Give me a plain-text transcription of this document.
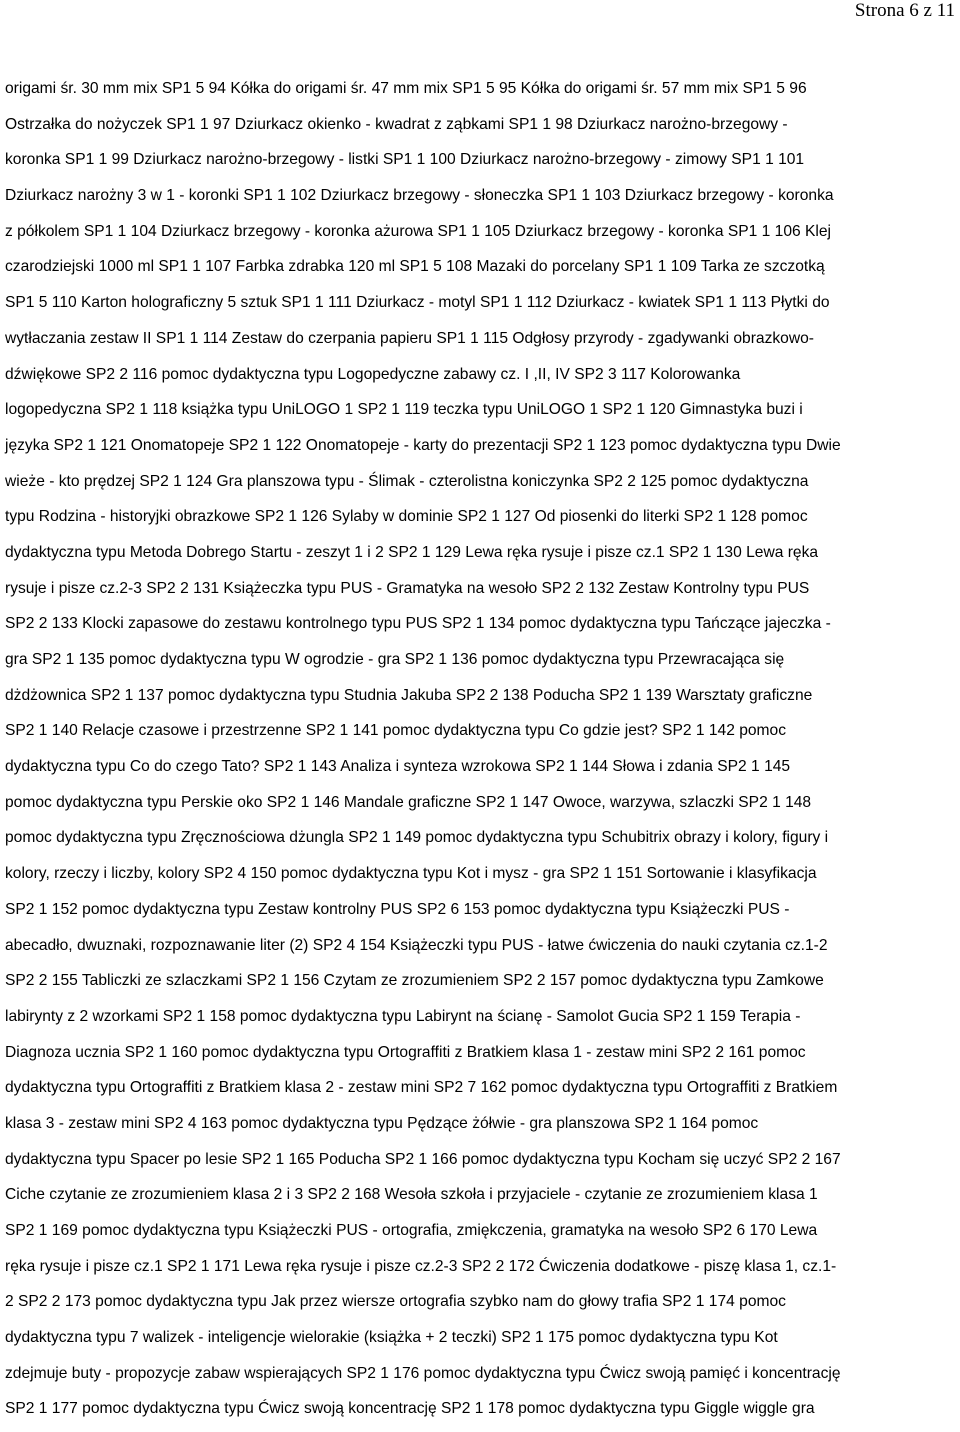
Strona 6 z 11
origami śr. 30 mm mix SP1 5 94 Kółka do origami śr. 47 mm mix SP1 5 95 Kółka do origami śr. 57 mm mix SP1 5 96
Ostrzałka do nożyczek SP1 1 97 Dziurkacz okienko - kwadrat z ząbkami SP1 1 98 Dziurkacz narożno-brzegowy -
koronka SP1 1 99 Dziurkacz narożno-brzegowy - listki SP1 1 100 Dziurkacz narożno-brzegowy - zimowy SP1 1 101
Dziurkacz narożny 3 w 1 - koronki SP1 1 102 Dziurkacz brzegowy - słoneczka SP1 1 103 Dziurkacz brzegowy - koronka
z półkolem SP1 1 104 Dziurkacz brzegowy - koronka ażurowa SP1 1 105 Dziurkacz brzegowy - koronka SP1 1 106 Klej
czarodziejski 1000 ml SP1 1 107 Farbka zdrabka 120 ml SP1 5 108 Mazaki do porcelany SP1 1 109 Tarka ze szczotką
SP1 5 110 Karton holograficzny 5 sztuk SP1 1 111 Dziurkacz - motyl SP1 1 112 Dziurkacz - kwiatek SP1 1 113 Płytki do
wytłaczania zestaw II SP1 1 114 Zestaw do czerpania papieru SP1 1 115 Odgłosy przyrody - zgadywanki obrazkowo-
dźwiękowe SP2 2 116 pomoc dydaktyczna typu Logopedyczne zabawy cz. I ,II, IV SP2 3 117 Kolorowanka
logopedyczna SP2 1 118 książka typu UniLOGO 1 SP2 1 119 teczka typu UniLOGO 1 SP2 1 120 Gimnastyka buzi i
języka SP2 1 121 Onomatopeje SP2 1 122 Onomatopeje - karty do prezentacji SP2 1 123 pomoc dydaktyczna typu Dwie
wieże - kto prędzej SP2 1 124 Gra planszowa typu - Ślimak - czterolistna koniczynka SP2 2 125 pomoc dydaktyczna
typu Rodzina - historyjki obrazkowe SP2 1 126 Sylaby w dominie SP2 1 127 Od piosenki do literki SP2 1 128 pomoc
dydaktyczna typu Metoda Dobrego Startu - zeszyt 1 i 2 SP2 1 129 Lewa ręka rysuje i pisze cz.1 SP2 1 130 Lewa ręka
rysuje i pisze cz.2-3 SP2 2 131 Książeczka typu PUS - Gramatyka na wesoło SP2 2 132 Zestaw Kontrolny typu PUS
SP2 2 133 Klocki zapasowe do zestawu kontrolnego typu PUS SP2 1 134 pomoc dydaktyczna typu Tańczące jajeczka -
gra SP2 1 135 pomoc dydaktyczna typu W ogrodzie - gra SP2 1 136 pomoc dydaktyczna typu Przewracająca się
dżdżownica SP2 1 137 pomoc dydaktyczna typu Studnia Jakuba SP2 2 138 Poducha SP2 1 139 Warsztaty graficzne
SP2 1 140 Relacje czasowe i przestrzenne SP2 1 141 pomoc dydaktyczna typu Co gdzie jest? SP2 1 142 pomoc
dydaktyczna typu Co do czego Tato? SP2 1 143 Analiza i synteza wzrokowa SP2 1 144 Słowa i zdania SP2 1 145
pomoc dydaktyczna typu Perskie oko SP2 1 146 Mandale graficzne SP2 1 147 Owoce, warzywa, szlaczki SP2 1 148
pomoc dydaktyczna typu Zręcznościowa dżungla SP2 1 149 pomoc dydaktyczna typu Schubitrix obrazy i kolory, figury i
kolory, rzeczy i liczby, kolory SP2 4 150 pomoc dydaktyczna typu Kot i mysz - gra SP2 1 151 Sortowanie i klasyfikacja
SP2 1 152 pomoc dydaktyczna typu Zestaw kontrolny PUS SP2 6 153 pomoc dydaktyczna typu Książeczki PUS -
abecadło, dwuznaki, rozpoznawanie liter (2) SP2 4 154 Książeczki typu PUS - łatwe ćwiczenia do nauki czytania cz.1-2
SP2 2 155 Tabliczki ze szlaczkami SP2 1 156 Czytam ze zrozumieniem SP2 2 157 pomoc dydaktyczna typu Zamkowe
labirynty z 2 wzorkami SP2 1 158 pomoc dydaktyczna typu Labirynt na ścianę - Samolot Gucia SP2 1 159 Terapia -
Diagnoza ucznia SP2 1 160 pomoc dydaktyczna typu Ortograffiti z Bratkiem klasa 1 - zestaw mini SP2 2 161 pomoc
dydaktyczna typu Ortograffiti z Bratkiem klasa 2 - zestaw mini SP2 7 162 pomoc dydaktyczna typu Ortograffiti z Bratkiem
klasa 3 - zestaw mini SP2 4 163 pomoc dydaktyczna typu Pędzące żółwie - gra planszowa SP2 1 164 pomoc
dydaktyczna typu Spacer po lesie SP2 1 165 Poducha SP2 1 166 pomoc dydaktyczna typu Kocham się uczyć SP2 2 167
Ciche czytanie ze zrozumieniem klasa 2 i 3 SP2 2 168 Wesoła szkoła i przyjaciele - czytanie ze zrozumieniem klasa 1
SP2 1 169 pomoc dydaktyczna typu Książeczki PUS - ortografia, zmiękczenia, gramatyka na wesoło SP2 6 170 Lewa
ręka rysuje i pisze cz.1 SP2 1 171 Lewa ręka rysuje i pisze cz.2-3 SP2 2 172 Ćwiczenia dodatkowe - piszę klasa 1, cz.1-
2 SP2 2 173 pomoc dydaktyczna typu Jak przez wiersze ortografia szybko nam do głowy trafia SP2 1 174 pomoc
dydaktyczna typu 7 walizek - inteligencje wielorakie (książka + 2 teczki) SP2 1 175 pomoc dydaktyczna typu Kot
zdejmuje buty - propozycje zabaw wspierających SP2 1 176 pomoc dydaktyczna typu Ćwicz swoją pamięć i koncentrację
SP2 1 177 pomoc dydaktyczna typu Ćwicz swoją koncentrację SP2 1 178 pomoc dydaktyczna typu Giggle wiggle gra
